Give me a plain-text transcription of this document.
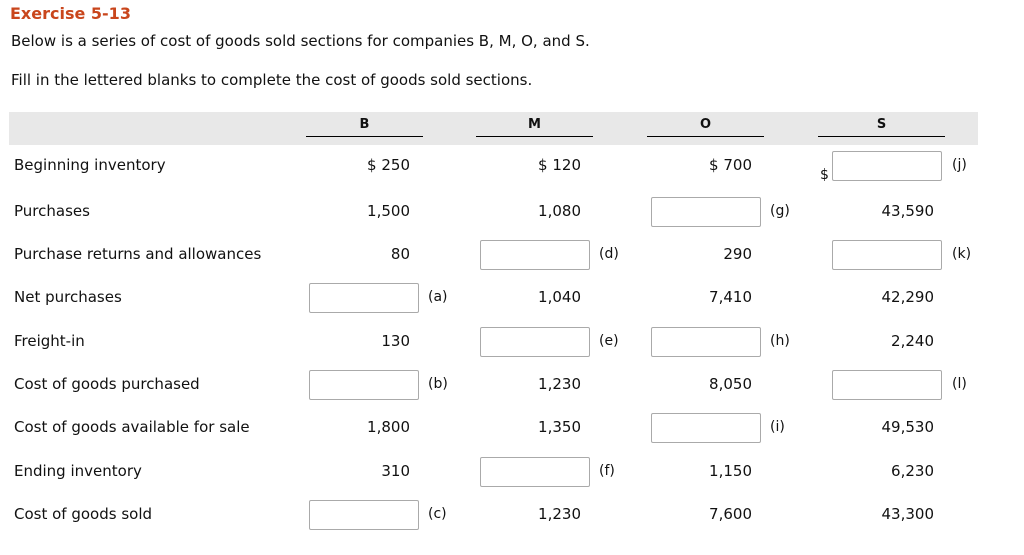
Exercise 5-13
Below is a series of cost of goods sold sections for companies B, M, O, and S.
Fill in the lettered blanks to complete the cost of goods sold sections.
B	M	O	S
Beginning inventory	$ 250	$ 120	$ 700	(j)
$
Purchases	1,500	1,080	(g)	43,590
Purchase returns and allowances	80	(d)	290	(k)
Net purchases	(a)	1,040	7,410	42,290
Freight-in	130	(e)	(h)	2,240
Cost of goods purchased	(b)	1,230	8,050	(l)
Cost of goods available for sale	1,800	1,350	(i)	49,530
Ending inventory	310	(f)	1,150	6,230
Cost of goods sold	(c)	1,230	7,600	43,300
